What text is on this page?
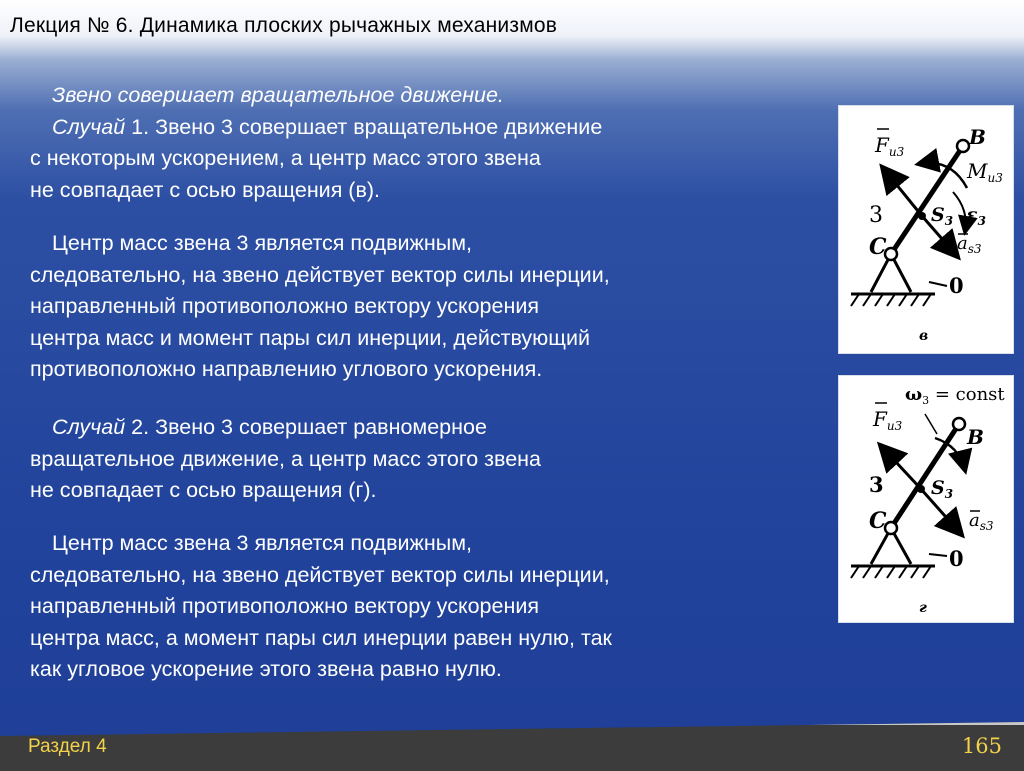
Лекция № 6. Динамика плоских рычажных механизмов
Звено совершает вращательное движение.
Случай 1. Звено 3 совершает вращательное движение
с некоторым ускорением, а центр масс этого звена
не совпадает с осью вращения (в).
Центр масс звена 3 является подвижным,
следовательно, на звено действует вектор силы инерции,
направленный противоположно вектору ускорения
центра масс и момент пары сил инерции, действующий
противоположно направлению углового ускорения.
Случай 2. Звено 3 совершает равномерное
вращательное движение, а центр масс этого звена
не совпадает с осью вращения (г).
Центр масс звена 3 является подвижным,
следовательно, на звено действует вектор силы инерции,
направленный противоположно вектору ускорения
центра масс, а момент пары сил инерции равен нулю, так
как угловое ускорение этого звена равно нулю.
$F_{u3}$
B
$M_{u3}$
$S_3$ $\varepsilon_3$
$a_{s3}$
C
3
0
в
$\omega_3$ = const
$F_{u3}$	B
3 $S_3$
C	$a_{s3}$
0
г
Раздел 4	165
